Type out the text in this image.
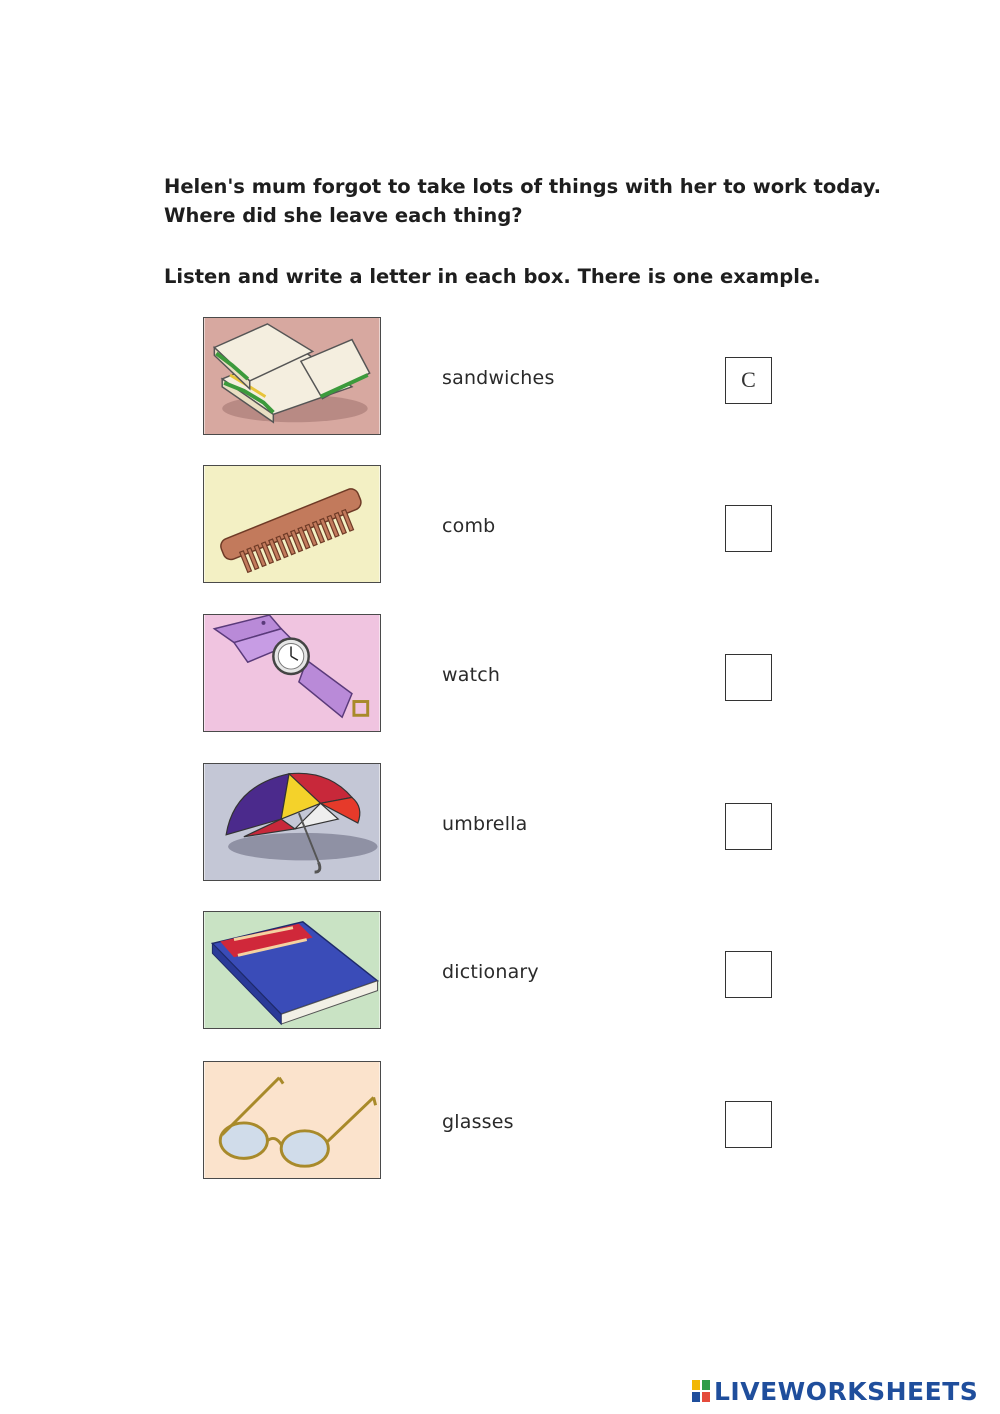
Helen's mum forgot to take lots of things with her to work today.

Where did she leave each thing?

Listen and write a letter in each box. There is one example.

sandwiches	C
comb
watch
umbrella
dictionary
glasses
LIVEWORKSHEETS
